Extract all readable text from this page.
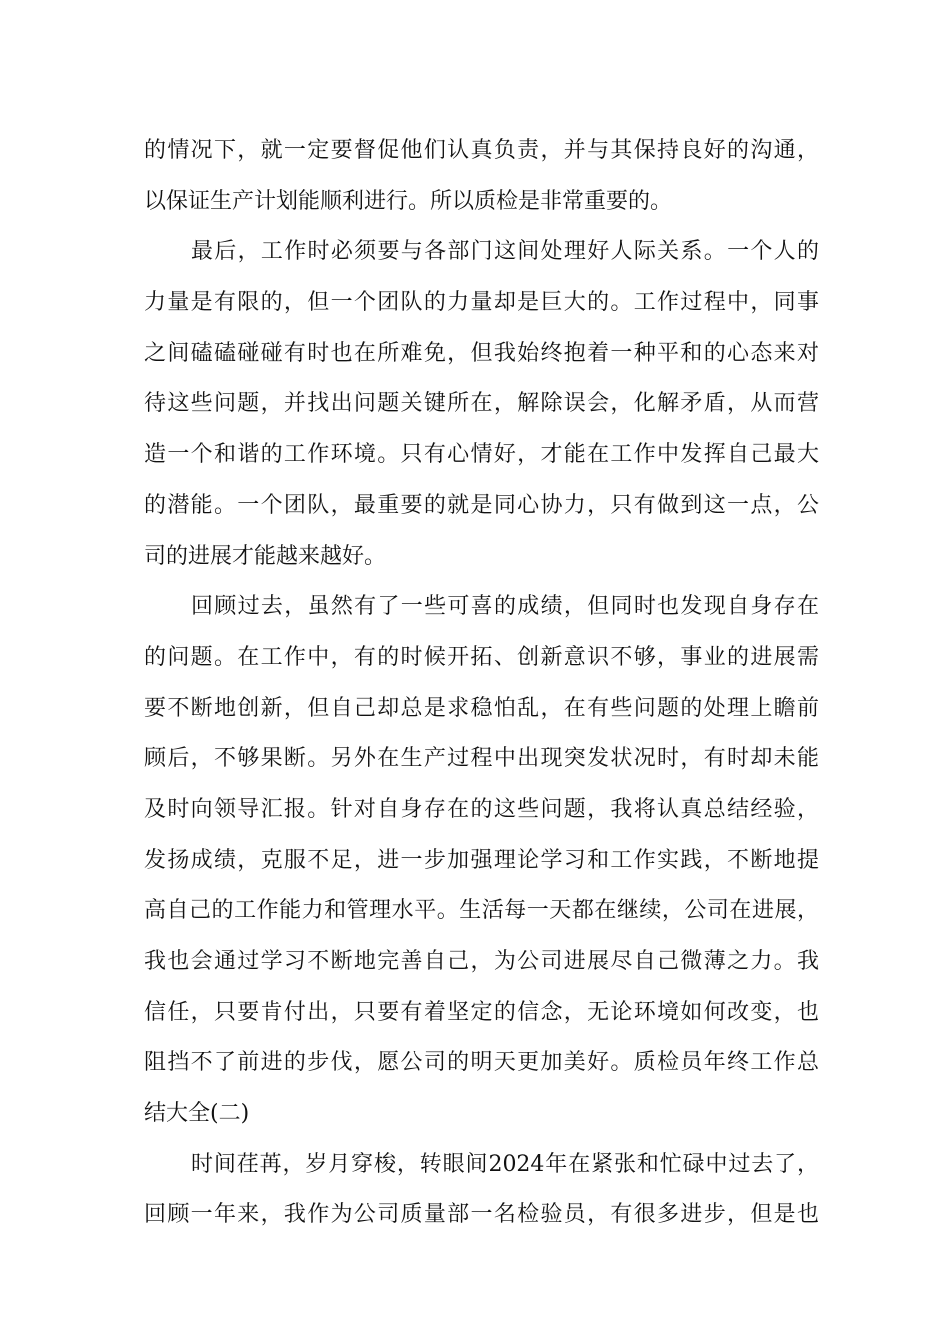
的情况下，就一定要督促他们认真负责，并与其保持良好的沟通，
以保证生产计划能顺利进行。所以质检是非常重要的。
最后，工作时必须要与各部门这间处理好人际关系。一个人的
力量是有限的，但一个团队的力量却是巨大的。工作过程中，同事
之间磕磕碰碰有时也在所难免，但我始终抱着一种平和的心态来对
待这些问题，并找出问题关键所在，解除误会，化解矛盾，从而营
造一个和谐的工作环境。只有心情好，才能在工作中发挥自己最大
的潜能。一个团队，最重要的就是同心协力，只有做到这一点，公
司的进展才能越来越好。
回顾过去，虽然有了一些可喜的成绩，但同时也发现自身存在
的问题。在工作中，有的时候开拓、创新意识不够，事业的进展需
要不断地创新，但自己却总是求稳怕乱，在有些问题的处理上瞻前
顾后，不够果断。另外在生产过程中出现突发状况时，有时却未能
及时向领导汇报。针对自身存在的这些问题，我将认真总结经验，
发扬成绩，克服不足，进一步加强理论学习和工作实践，不断地提
高自己的工作能力和管理水平。生活每一天都在继续，公司在进展，
我也会通过学习不断地完善自己，为公司进展尽自己微薄之力。我
信任，只要肯付出，只要有着坚定的信念，无论环境如何改变，也
阻挡不了前进的步伐，愿公司的明天更加美好。质检员年终工作总
结大全(二)
时间荏苒，岁月穿梭，转眼间2024年在紧张和忙碌中过去了，
回顾一年来，我作为公司质量部一名检验员，有很多进步，但是也
